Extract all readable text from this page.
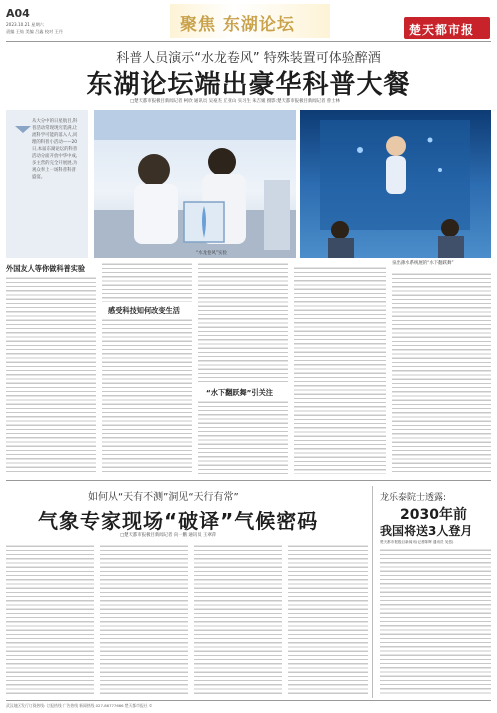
A04
2023.10.21 星期六
责编 王灿 美编 吕鑫 校对 王丹	聚焦 东湖论坛	楚天都市报
科普人员演示“水龙卷风” 特殊装置可体验醉酒
东湖论坛端出豪华科普大餐
□楚天都市报极目新闻记者 柯欣 通讯员 吴豪杰 丘亚山 实习生 朱吉媛 摄影:楚天都市报极目新闻记者 曾士林
从大分中的日星航目,科普活动常现现究装满,让流科学可能的落入人,同理的科普小活动——20日,本届东湖论坛的科普活动分面开放中华中成,多主营的完全开展展,为观众奉上一场科普科普盛宴。
“水龙卷风”实验
泉出薄水系统展的“水下翻跃舞”
外国友人等你做科普实验
感受科技知何改变生活
“水下翻跃舞”引关注
如何从“天有不测”洞见“天行有常”
气象专家现场“破译”气候密码
□楚天都市报极目新闻记者 向一鹏 通讯员 王翠萍
龙乐泰院士透露:
2030年前
我国将送3人登月
楚天都市报极目新闻讯(记者陈辉 通讯员 吴悠)
武汉地区发行订阅热线: 订报热线 广告热线 新闻热线 027-86777666 楚天都市报社 ©
